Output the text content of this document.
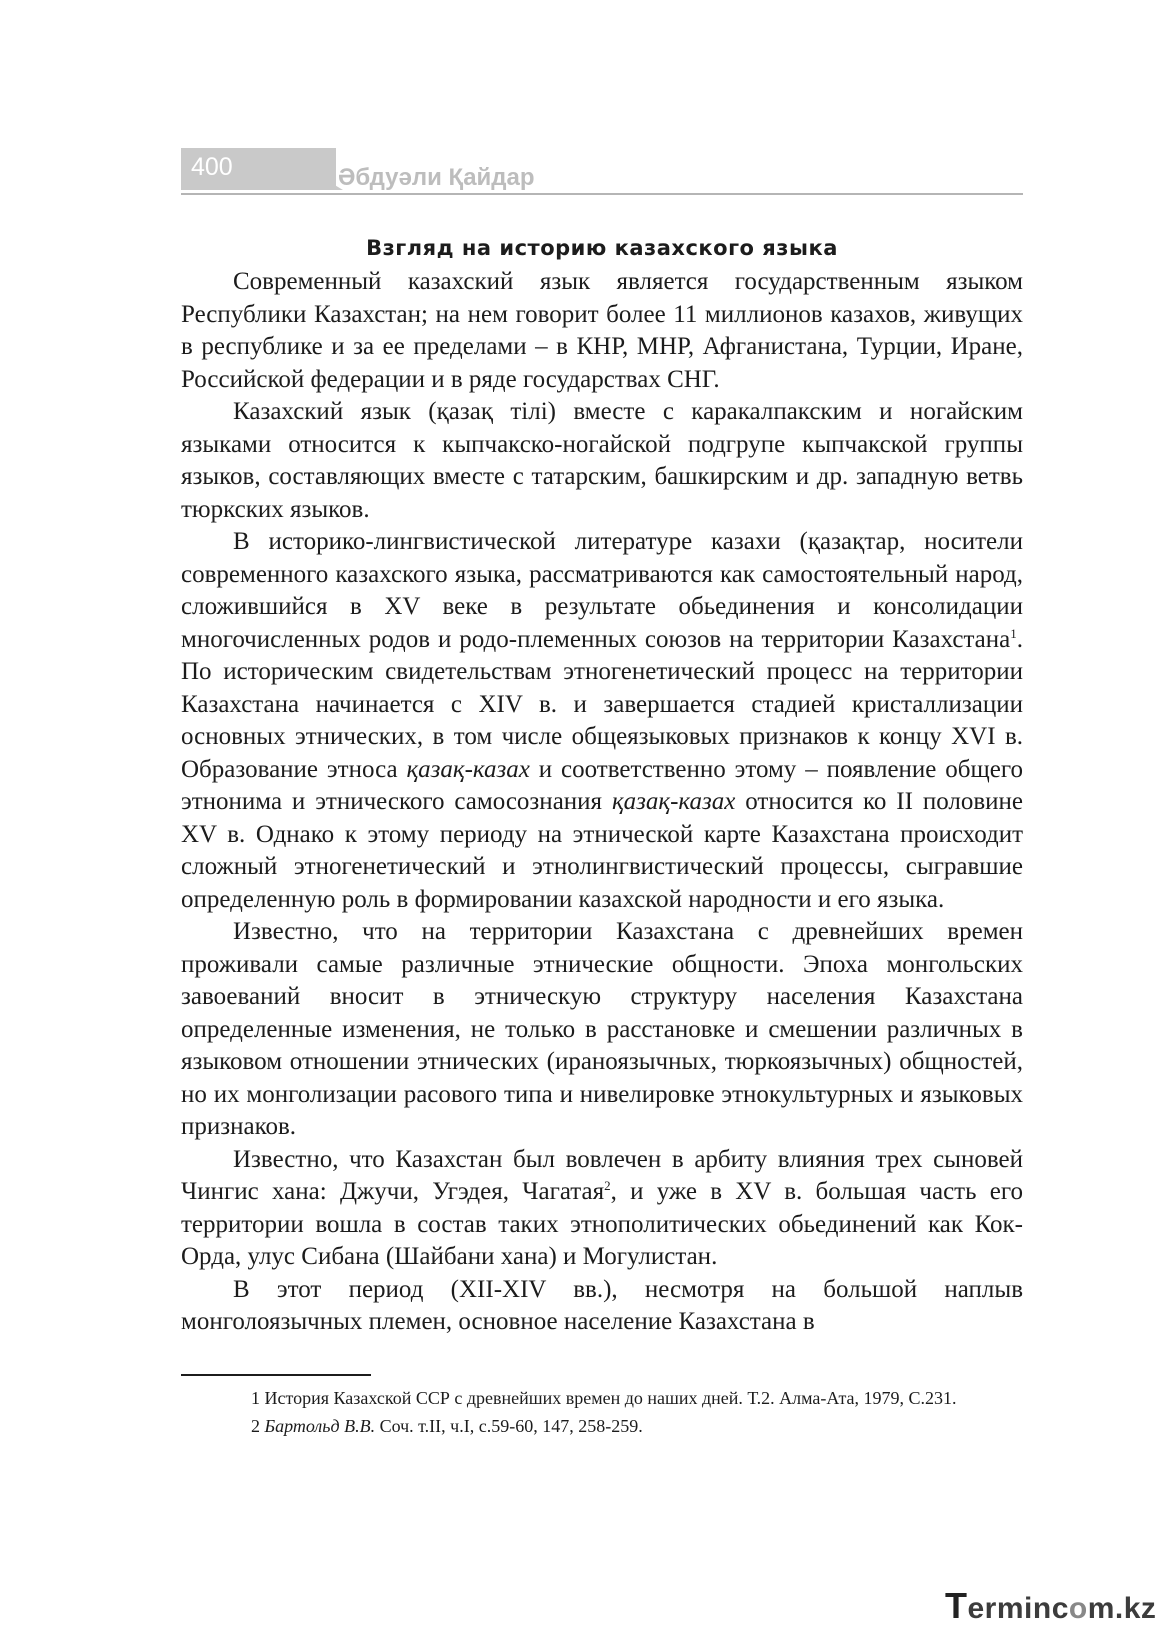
400	Әбдуәли Қайдар
Взгляд на историю казахского языка

Современный казахский язык является государственным языком Республики Казахстан; на нем говорит более 11 миллионов казахов, живущих в республике и за ее пределами – в КНР, МНР, Афганистана, Турции, Иране, Российской федерации и в ряде государствах СНГ.

Казахский язык (қазақ тілі) вместе с каракалпакским и ногайским языками относится к кыпчакско-ногайской подгрупе кыпчакской группы языков, составляющих вместе с татарским, башкирским и др. западную ветвь тюркских языков.

В историко-лингвистической литературе казахи (қазақтар, носители современного казахского языка, рассматриваются как самостоятельный народ, сложившийся в XV веке в результате обьединения и консолидации многочисленных родов и родо-племенных союзов на территории Казахстана$^1$. По историческим свидетельствам этногенетический процесс на территории Казахстана начинается с XIV в. и завершается стадией кристаллизации основных этнических, в том числе общеязыковых признаков к концу XVI в. Образование этноса қазақ-казах и соответственно этому – появление общего этнонима и этнического самосознания қазақ-казах относится ко II половине XV в. Однако к этому периоду на этнической карте Казахстана происходит сложный этногенетический и этнолингвистический процессы, сыгравшие определенную роль в формировании казахской народности и его языка.

Известно, что на территории Казахстана с древнейших времен проживали самые различные этнические общности. Эпоха монгольских завоеваний вносит в этническую структуру населения Казахстана определенные изменения, не только в расстановке и смешении различных в языковом отношении этнических (ираноязычных, тюркоязычных) общностей, но их монголизации расового типа и нивелировке этнокультурных и языковых признаков.

Известно, что Казахстан был вовлечен в арбиту влияния трех сыновей Чингис хана: Джучи, Угэдея, Чагатая$^2$, и уже в XV в. большая часть его территории вошла в состав таких этнополитических обьединений как Кок-Орда, улус Сибана (Шайбани хана) и Могулистан.

В этот период (XII-XIV вв.), несмотря на большой наплыв монголоязычных племен, основное население Казахстана в

1 История Казахской ССР с древнейших времен до наших дней. Т.2. Алма-Ата, 1979, С.231.

2 Бартольд В.В. Соч. т.II, ч.I, с.59-60, 147, 258-259.

Termincom.kz
